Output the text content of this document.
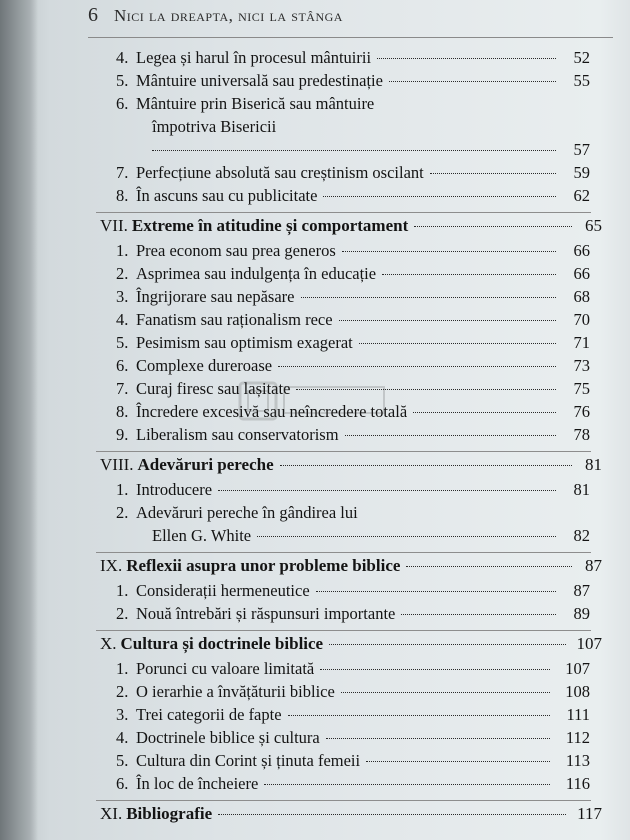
6 Nici la dreapta, nici la stânga
4. Legea și harul în procesul mântuirii	52
5. Mântuire universală sau predestinație	55
6. Mântuire prin Biserică sau mântuire
împotriva Bisericii
57
7. Perfecțiune absolută sau creștinism oscilant	59
8. În ascuns sau cu publicitate	62
VII. Extreme în atitudine și comportament	65
1. Prea econom sau prea generos	66
2. Asprimea sau indulgența în educație	66
3. Îngrijorare sau nepăsare	68
4. Fanatism sau raționalism rece	70
5. Pesimism sau optimism exagerat	71
6. Complexe dureroase	73
7. Curaj firesc sau lașitate	75
8. Încredere excesivă sau neîncredere totală	76
9. Liberalism sau conservatorism	78
VIII. Adevăruri pereche	81
1. Introducere	81
2. Adevăruri pereche în gândirea lui
Ellen G. White	82
IX. Reflexii asupra unor probleme biblice	87
1. Considerații hermeneutice	87
2. Nouă întrebări și răspunsuri importante	89
X. Cultura și doctrinele biblice	107
1. Porunci cu valoare limitată	107
2. O ierarhie a învățăturii biblice	108
3. Trei categorii de fapte	111
4. Doctrinele biblice și cultura	112
5. Cultura din Corint și ținuta femeii	113
6. În loc de încheiere	116
XI. Bibliografie	117
